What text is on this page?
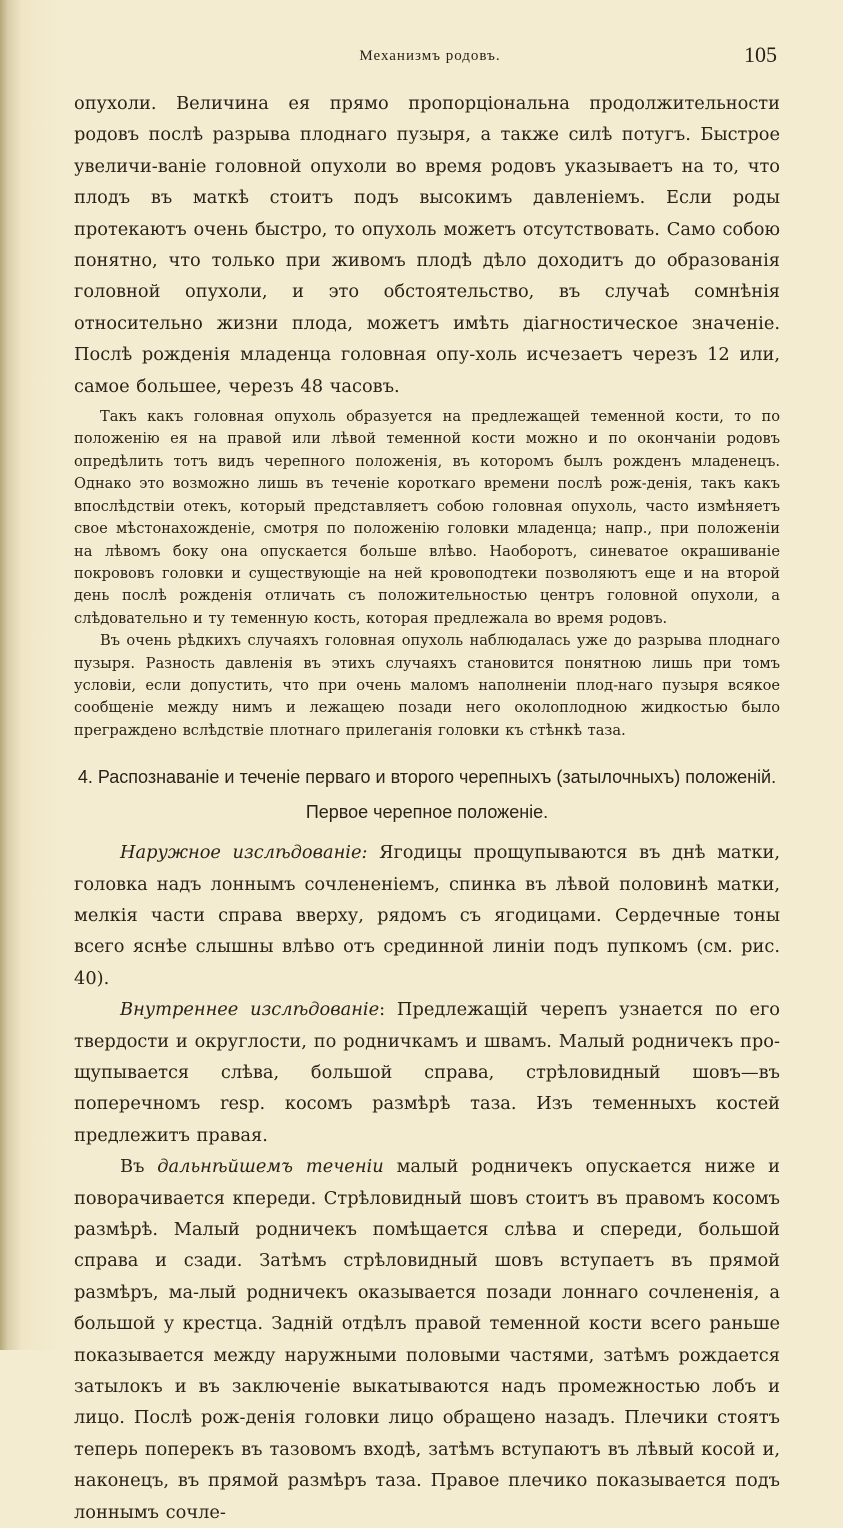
Механизмъ родовъ.	105

опухоли. Величина ея прямо пропорціональна продолжительности родовъ послѣ разрыва плоднаго пузыря, а также силѣ потугъ. Быстрое увеличи-ваніе головной опухоли во время родовъ указываетъ на то, что плодъ въ маткѣ стоитъ подъ высокимъ давленіемъ. Если роды протекаютъ очень быстро, то опухоль можетъ отсутствовать. Само собою понятно, что только при живомъ плодѣ дѣло доходитъ до образованія головной опухоли, и это обстоятельство, въ случаѣ сомнѣнія относительно жизни плода, можетъ имѣть діагностическое значеніе. Послѣ рожденія младенца головная опу-холь исчезаетъ черезъ 12 или, самое большее, черезъ 48 часовъ.

Такъ какъ головная опухоль образуется на предлежащей теменной кости, то по положенію ея на правой или лѣвой теменной кости можно и по окончаніи родовъ опредѣлить тотъ видъ черепного положенія, въ которомъ былъ рожденъ младенецъ. Однако это возможно лишь въ теченіе короткаго времени послѣ рож-денія, такъ какъ впослѣдствіи отекъ, который представляетъ собою головная опухоль, часто измѣняетъ свое мѣстонахожденіе, смотря по положенію головки младенца; напр., при положеніи на лѣвомъ боку она опускается больше влѣво. Наоборотъ, синеватое окрашиваніе покрововъ головки и существующіе на ней кровоподтеки позволяютъ еще и на второй день послѣ рожденія отличать съ положительностью центръ головной опухоли, а слѣдовательно и ту теменную кость, которая предлежала во время родовъ.

Въ очень рѣдкихъ случаяхъ головная опухоль наблюдалась уже до разрыва плоднаго пузыря. Разность давленія въ этихъ случаяхъ становится понятною лишь при томъ условіи, если допустить, что при очень маломъ наполненіи плод-наго пузыря всякое сообщеніе между нимъ и лежащею позади него околоплодною жидкостью было преграждено вслѣдствіе плотнаго прилеганія головки къ стѣнкѣ таза.

4. Распознаваніе и теченіе перваго и второго черепныхъ (затылочныхъ) положеній.

Первое черепное положеніе.

Наружное изслѣдованіе: Ягодицы прощупываются въ днѣ матки, головка надъ лоннымъ сочлененіемъ, спинка въ лѣвой половинѣ матки, мелкія части справа вверху, рядомъ съ ягодицами. Сердечные тоны всего яснѣе слышны влѣво отъ срединной линіи подъ пупкомъ (см. рис. 40).

Внутреннее изслѣдованіе: Предлежащій черепъ узнается по его твердости и округлости, по родничкамъ и швамъ. Малый родничекъ про-щупывается слѣва, большой справа, стрѣловидный шовъ—въ поперечномъ resp. косомъ размѣрѣ таза. Изъ теменныхъ костей предлежитъ правая.

Въ дальнѣйшемъ теченіи малый родничекъ опускается ниже и поворачивается кпереди. Стрѣловидный шовъ стоитъ въ правомъ косомъ размѣрѣ. Малый родничекъ помѣщается слѣва и спереди, большой справа и сзади. Затѣмъ стрѣловидный шовъ вступаетъ въ прямой размѣръ, ма-лый родничекъ оказывается позади лоннаго сочлененія, а большой у крестца. Задній отдѣлъ правой теменной кости всего раньше показывается между наружными половыми частями, затѣмъ рождается затылокъ и въ заключеніе выкатываются надъ промежностью лобъ и лицо. Послѣ рож-денія головки лицо обращено назадъ. Плечики стоятъ теперь поперекъ въ тазовомъ входѣ, затѣмъ вступаютъ въ лѣвый косой и, наконецъ, въ прямой размѣръ таза. Правое плечико показывается подъ лоннымъ сочле-
